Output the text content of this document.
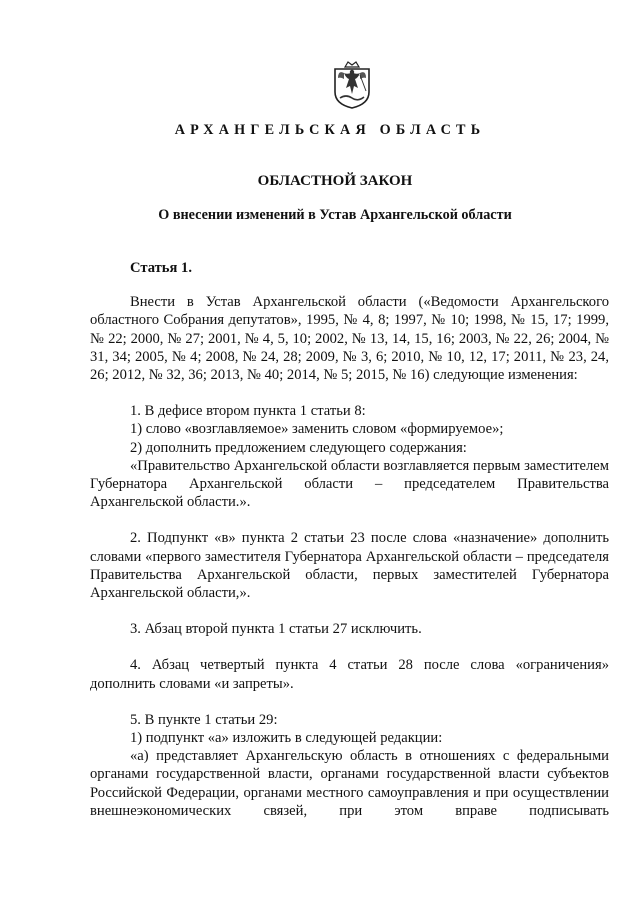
АРХАНГЕЛЬСКАЯ ОБЛАСТЬ
ОБЛАСТНОЙ ЗАКОН
О внесении изменений в Устав Архангельской области

Статья 1.

Внести в Устав Архангельской области («Ведомости Архангельского областного Собрания депутатов», 1995, № 4, 8; 1997, № 10; 1998, № 15, 17; 1999, № 22; 2000, № 27; 2001, № 4, 5, 10; 2002, № 13, 14, 15, 16; 2003, № 22, 26; 2004, № 31, 34; 2005, № 4; 2008, № 24, 28; 2009, № 3, 6; 2010, № 10, 12, 17; 2011, № 23, 24, 26; 2012, № 32, 36; 2013, № 40; 2014, № 5; 2015, № 16) следующие изменения:

1. В дефисе втором пункта 1 статьи 8:

1) слово «возглавляемое» заменить словом «формируемое»;

2) дополнить предложением следующего содержания:

«Правительство Архангельской области возглавляется первым заместителем Губернатора Архангельской области – председателем Правительства Архангельской области.».

2. Подпункт «в» пункта 2 статьи 23 после слова «назначение» дополнить словами «первого заместителя Губернатора Архангельской области – председателя Правительства Архангельской области, первых заместителей Губернатора Архангельской области,».

3. Абзац второй пункта 1 статьи 27 исключить.

4. Абзац четвертый пункта 4 статьи 28 после слова «ограничения» дополнить словами «и запреты».

5. В пункте 1 статьи 29:

1) подпункт «а» изложить в следующей редакции:

«а) представляет Архангельскую область в отношениях с федеральными органами государственной власти, органами государственной власти субъектов Российской Федерации, органами местного самоуправления и при осуществлении внешнеэкономических связей, при этом вправе подписывать
